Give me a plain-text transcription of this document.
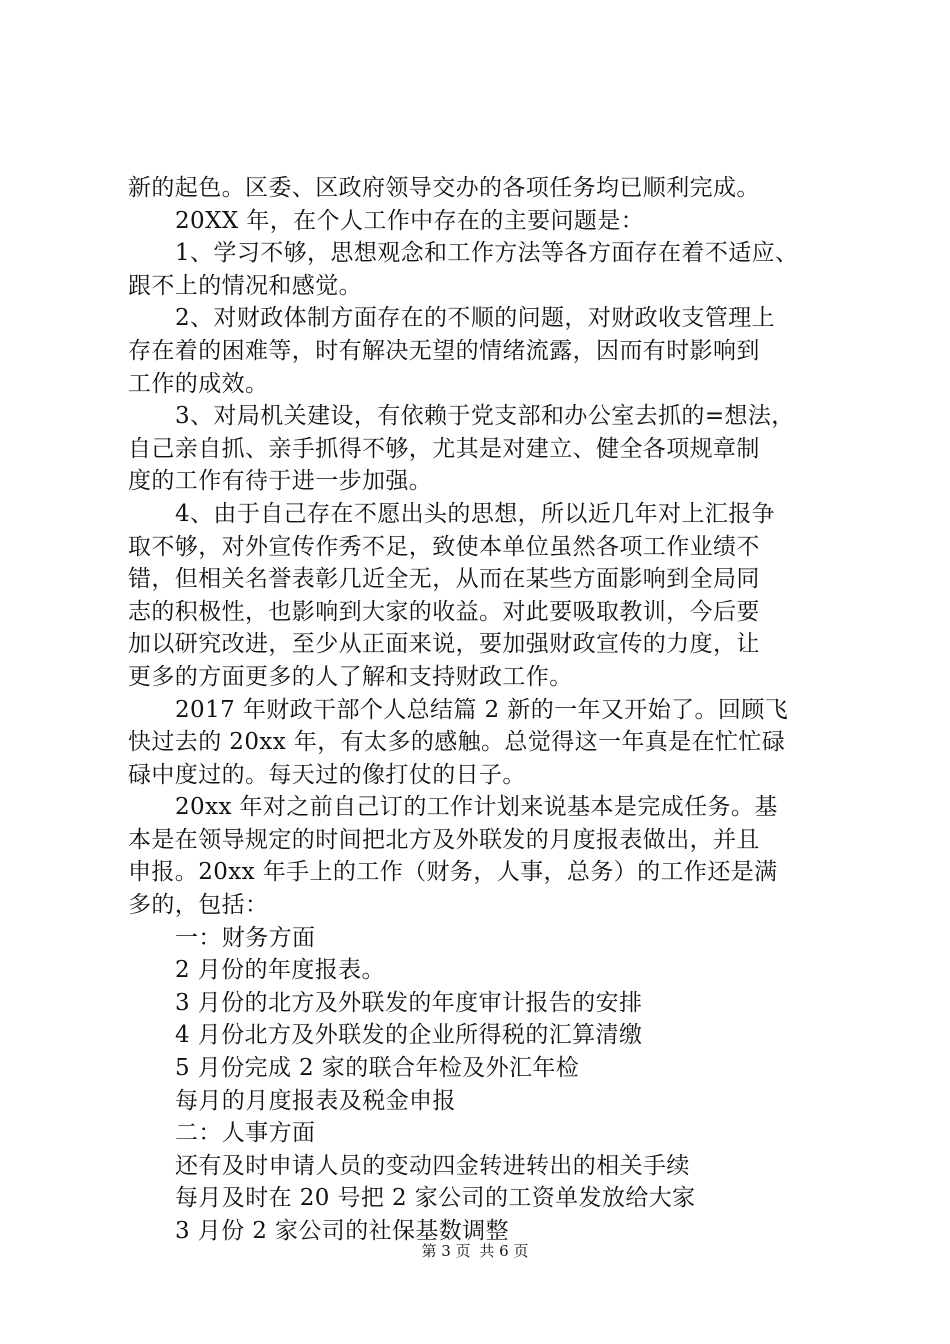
新的起色。区委、区政府领导交办的各项任务均已顺利完成。
20XX 年，在个人工作中存在的主要问题是：
1、学习不够，思想观念和工作方法等各方面存在着不适应、
跟不上的情况和感觉。
2、对财政体制方面存在的不顺的问题，对财政收支管理上
存在着的困难等，时有解决无望的情绪流露，因而有时影响到
工作的成效。
3、对局机关建设，有依赖于党支部和办公室去抓的=想法，
自己亲自抓、亲手抓得不够，尤其是对建立、健全各项规章制
度的工作有待于进一步加强。
4、由于自己存在不愿出头的思想，所以近几年对上汇报争
取不够，对外宣传作秀不足，致使本单位虽然各项工作业绩不
错，但相关名誉表彰几近全无，从而在某些方面影响到全局同
志的积极性，也影响到大家的收益。对此要吸取教训，今后要
加以研究改进，至少从正面来说，要加强财政宣传的力度，让
更多的方面更多的人了解和支持财政工作。
2017 年财政干部个人总结篇 2 新的一年又开始了。回顾飞
快过去的 20xx 年，有太多的感触。总觉得这一年真是在忙忙碌
碌中度过的。每天过的像打仗的日子。
20xx 年对之前自己订的工作计划来说基本是完成任务。基
本是在领导规定的时间把北方及外联发的月度报表做出，并且
申报。20xx 年手上的工作（财务，人事，总务）的工作还是满
多的，包括：
一：财务方面
2 月份的年度报表。
3 月份的北方及外联发的年度审计报告的安排
4 月份北方及外联发的企业所得税的汇算清缴
5 月份完成 2 家的联合年检及外汇年检
每月的月度报表及税金申报
二：人事方面
还有及时申请人员的变动四金转进转出的相关手续
每月及时在 20 号把 2 家公司的工资单发放给大家
3 月份 2 家公司的社保基数调整
第 3 页 共 6 页
